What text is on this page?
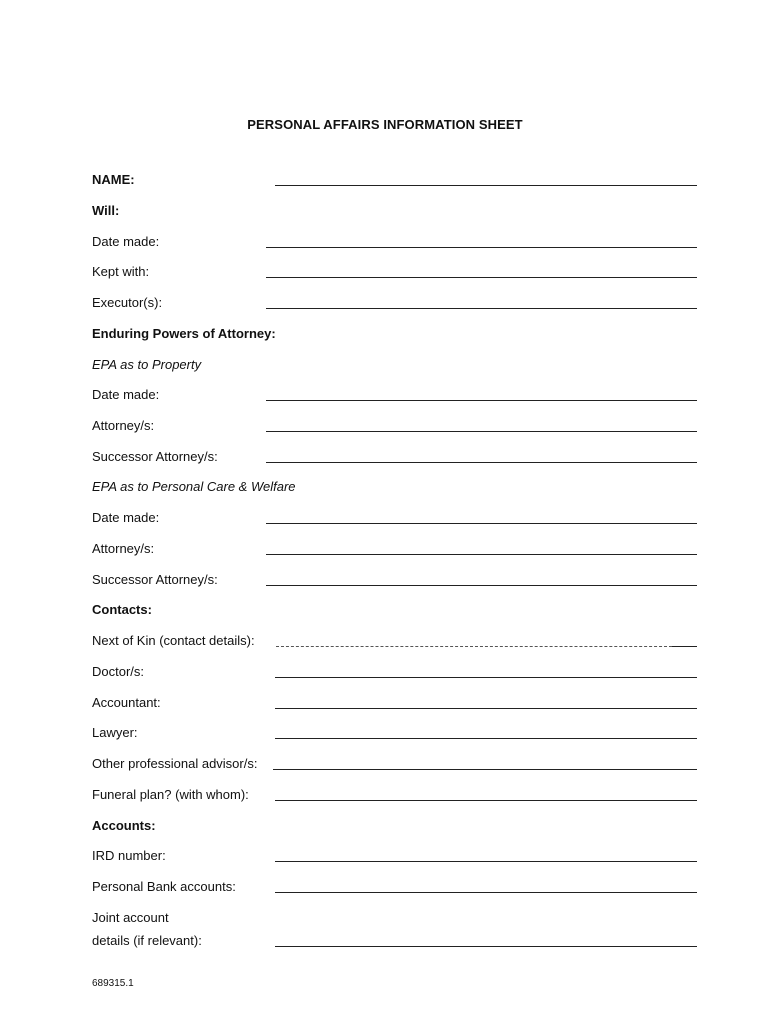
PERSONAL AFFAIRS INFORMATION SHEET
NAME:
Will:
Date made:
Kept with:
Executor(s):
Enduring Powers of Attorney:
EPA as to Property
Date made:
Attorney/s:
Successor Attorney/s:
EPA as to Personal Care & Welfare
Date made:
Attorney/s:
Successor Attorney/s:
Contacts:
Next of Kin (contact details):
Doctor/s:
Accountant:
Lawyer:
Other professional advisor/s:
Funeral plan? (with whom):
Accounts:
IRD number:
Personal Bank accounts:
Joint account
details (if relevant):
689315.1
